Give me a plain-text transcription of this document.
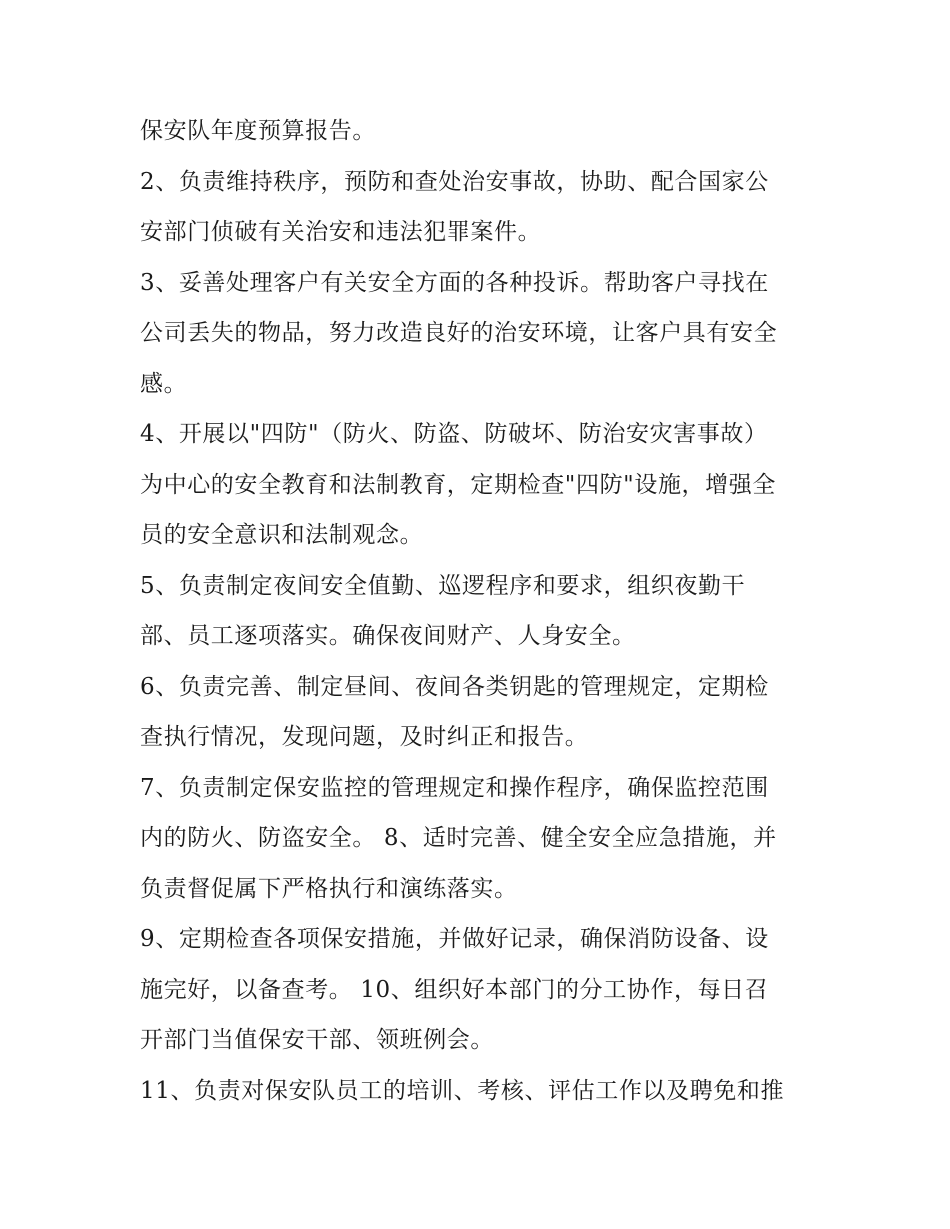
保安队年度预算报告。
2、负责维持秩序，预防和查处治安事故，协助、配合国家公
安部门侦破有关治安和违法犯罪案件。
3、妥善处理客户有关安全方面的各种投诉。帮助客户寻找在
公司丢失的物品，努力改造良好的治安环境，让客户具有安全
感。
4、开展以"四防"（防火、防盗、防破坏、防治安灾害事故）
为中心的安全教育和法制教育，定期检查"四防"设施，增强全
员的安全意识和法制观念。
5、负责制定夜间安全值勤、巡逻程序和要求，组织夜勤干
部、员工逐项落实。确保夜间财产、人身安全。
6、负责完善、制定昼间、夜间各类钥匙的管理规定，定期检
查执行情况，发现问题，及时纠正和报告。
7、负责制定保安监控的管理规定和操作程序，确保监控范围
内的防火、防盗安全。 8、适时完善、健全安全应急措施，并
负责督促属下严格执行和演练落实。
9、定期检查各项保安措施，并做好记录，确保消防设备、设
施完好，以备查考。 10、组织好本部门的分工协作，每日召
开部门当值保安干部、领班例会。
11、负责对保安队员工的培训、考核、评估工作以及聘免和推
